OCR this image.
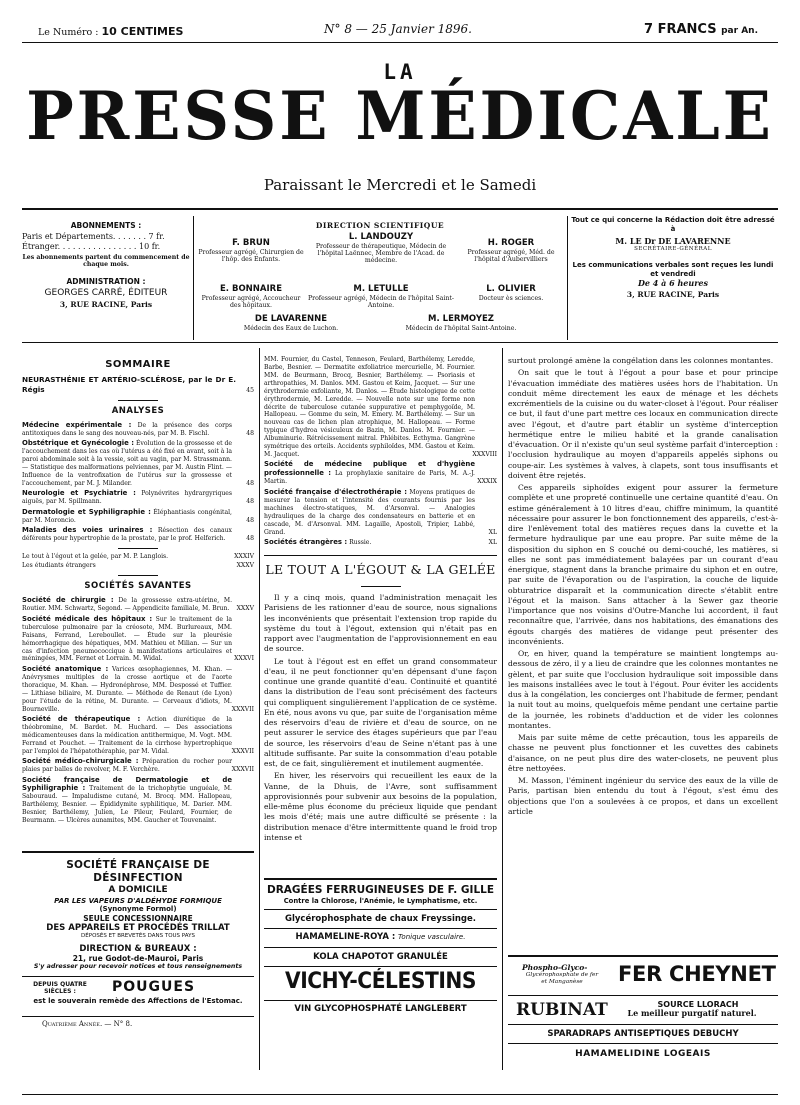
Le Numéro : 10 CENTIMES	N° 8 — 25 Janvier 1896.	7 FRANCS par An.
LA
PRESSE MÉDICALE
Paraissant le Mercredi et le Samedi
ABONNEMENTS :
Paris et Départements. . . . . . . 7 fr.
Étranger. . . . . . . . . . . . . . . . 10 fr.
Les abonnements partent du commencement de chaque mois.
ADMINISTRATION :
GEORGES CARRÉ, ÉDITEUR
3, RUE RACINE, Paris
DIRECTION SCIENTIFIQUE
F. BRUN
Professeur agrégé, Chirurgien de l'hôp. des Enfants.
L. LANDOUZY
Professeur de thérapeutique, Médecin de l'hôpital Laënnec, Membre de l'Acad. de médecine.
H. ROGER
Professeur agrégé, Méd. de l'hôpital d'Aubervilliers
E. BONNAIRE
Professeur agrégé, Accoucheur des hôpitaux.
M. LETULLE
Professeur agrégé, Médecin de l'hôpital Saint-Antoine.
L. OLIVIER
Docteur ès sciences.
DE LAVARENNE
Médecin des Eaux de Luchon.
M. LERMOYEZ
Médecin de l'hôpital Saint-Antoine.
Tout ce qui concerne la Rédaction doit être adressé à
M. LE Dr DE LAVARENNE
SECRÉTAIRE-GÉNÉRAL
Les communications verbales sont reçues les lundi et vendredi
De 4 à 6 heures
3, RUE RACINE, Paris
SOMMAIRE
NEURASTHÉNIE ET ARTÉRIO-SCLÉROSE, par le Dr E. Régis	45
ANALYSES
Médecine expérimentale : De la présence des corps antitoxiques dans le sang des nouveau-nés, par M. B. Fischl.	48
Obstétrique et Gynécologie : Évolution de la grossesse et de l'accouchement dans les cas où l'utérus a été fixé en avant, soit à la paroi abdominale soit à la vessie, soit au vagin, par M. Strassmann. — Statistique des malformations pelviennes, par M. Austin Flint. — Influence de la ventrofixation de l'utérus sur la grossesse et l'accouchement, par M. J. Milander.	48
Neurologie et Psychiatrie : Polynévrites hydrargyriques aiguës, par M. Spillmann.	48
Dermatologie et Syphiligraphie : Éléphantiasis congénital, par M. Moroncio.	48
Maladies des voies urinaires : Résection des canaux déférents pour hypertrophie de la prostate, par le prof. Helferich.	48
Le tout à l'égout et la gelée, par M. P. Langlois.	XXXIV
Les étudiants étrangers	XXXV
SOCIÉTÉS SAVANTES
Société de chirurgie : De la grossesse extra-utérine, M. Routier. MM. Schwartz, Segond. — Appendicite familiale, M. Brun. XXXV
Société médicale des hôpitaux : Sur le traitement de la tuberculose pulmonaire par la créosote, MM. Burlureaux, MM. Faisans, Ferrand, Lereboullet. — Étude sur la pleurésie hémorrhagique des hépatiques, MM. Mathieu et Milian. — Sur un cas d'infection pneumococcique à manifestations articulaires et méningées, MM. Fernet et Lorrain. M. Widal.	XXXVI
Société anatomique : Varices œsophagiennes, M. Khan. — Anévrysmes multiples de la crosse aortique et de l'aorte thoracique, M. Khan. — Hydronéphrose, MM. Despossé et Tuffier. — Lithiase biliaire, M. Durante. — Méthode de Renaut (de Lyon) pour l'étude de la rétine, M. Durante. — Cerveaux d'idiots, M. Bourneville.	XXXVII
Société de thérapeutique : Action diurétique de la théobromine, M. Bardet. M. Huchard. — Des associations médicamenteuses dans la médication antithermique, M. Vogt. MM. Ferrand et Pouchet. — Traitement de la cirrhose hypertrophique par l'emploi de l'hépatothéraphie, par M. Vidal.	XXXVII
Société médico-chirurgicale : Préparation du rocher pour plaies par balles de revolver, M. F. Verchère.	XXXVII
Société française de Dermatologie et de Syphiligraphie : Traitement de la trichophytie unguéale, M. Sabouraud. — Impaludisme cutané, M. Brocq. MM. Hallopeau, Barthélemy, Besnier. — Épididymite syphilitique, M. Darier. MM. Besnier, Barthélemy, Julien, Le Pileur, Feulard, Fournier, de Beurmann. — Ulcères aunamites, MM. Gaucher et Touvenaint.
SOCIÉTÉ FRANÇAISE DE DÉSINFECTION
A DOMICILE
PAR LES VAPEURS D'ALDÉHYDE FORMIQUE
(Synonyme Formol)
SEULE CONCESSIONNAIRE
DES APPAREILS ET PROCÉDÉS TRILLAT
DÉPOSÉS ET BREVETÉS DANS TOUS PAYS
DIRECTION & BUREAUX :
21, rue Godot-de-Mauroi, Paris
S'y adresser pour recevoir notices et tous renseignements
DEPUIS QUATRE SIÈCLES :	POUGUES
est le souverain remède des Affections de l'Estomac.
Quatrième Année. — N° 8.
MM. Fournier, du Castel, Tenneson, Feulard, Barthélemy, Leredde, Barbe, Besnier. — Dermatite exfoliatrice mercurielle, M. Fournier. MM. de Beurmann, Brocq, Besnier, Barthélemy. — Psoriasis et arthropathies, M. Danlos. MM. Gastou et Keim, Jacquet. — Sur une érythrodermie exfoliante, M. Danlos. — Étude histologique de cette érythrodermie, M. Leredde. — Nouvelle note sur une forme non décrite de tuberculose cutanée suppurative et pemphygoïde, M. Hallopeau. — Gomme du sein, M. Emery. M. Barthélemy. — Sur un nouveau cas de lichen plan atrophique, M. Hallopeau. — Forme typique d'hydroa vésiculeux de Bazin, M. Danlos. M. Fournier. — Albuminurie. Rétrécissement mitral. Phlébites. Ecthyma. Gangrène symétrique des orteils. Accidents syphiloïdes, MM. Gastou et Keim. M. Jacquet.	XXXVIII
Société de médecine publique et d'hygiène professionnelle : La prophylaxie sanitaire de Paris, M. A.-J. Martin.	XXXIX
Société française d'électrothérapie : Moyens pratiques de mesurer la tension et l'intensité des courants fournis par les machines électro-statiques, M. d'Arsonval. — Analogies hydrauliques de la charge des condensateurs en batterie et en cascade, M. d'Arsonval. MM. Lagaille, Apostoli, Tripier, Labbé, Grand.	XL
Sociétés étrangères : Russie.	XL
LE TOUT A L'ÉGOUT & LA GELÉE
Il y a cinq mois, quand l'administration menaçait les Parisiens de les rationner d'eau de source, nous signalions les inconvénients que présentait l'extension trop rapide du système du tout à l'égout, extension qui n'était pas en rapport avec l'augmentation de l'approvisionnement en eau de source.
Le tout à l'égout est en effet un grand consommateur d'eau, il ne peut fonctionner qu'en dépensant d'une façon continue une grande quantité d'eau. Continuité et quantité dans la distribution de l'eau sont précisément des facteurs qui compliquent singulièrement l'application de ce système. En été, nous avons vu que, par suite de l'organisation même des réservoirs d'eau de rivière et d'eau de source, on ne peut assurer le service des étages supérieurs que par l'eau de source, les réservoirs d'eau de Seine n'étant pas à une altitude suffisante. Par suite la consommation d'eau potable est, de ce fait, singulièrement et inutilement augmentée.
En hiver, les réservoirs qui recueillent les eaux de la Vanne, de la Dhuis, de l'Avre, sont suffisamment approvisionnés pour subvenir aux besoins de la population, elle-même plus économe du précieux liquide que pendant les mois d'été; mais une autre difficulté se présente : la distribution menace d'être intermittente quand le froid trop intense et
DRAGÉES FERRUGINEUSES DE F. GILLE
Contre la Chlorose, l'Anémie, le Lymphatisme, etc.
Glycérophosphate de chaux Freyssinge.
HAMAMELINE-ROYA : Tonique vasculaire.
KOLA CHAPOTOT GRANULÉE
VICHY-CÉLESTINS
VIN GLYCOPHOSPHATÉ LANGLEBERT
surtout prolongé amène la congélation dans les colonnes montantes.
On sait que le tout à l'égout a pour base et pour principe l'évacuation immédiate des matières usées hors de l'habitation. Un conduit même directement les eaux de ménage et les déchets excrémentiels de la cuisine ou du water-closet à l'égout. Pour réaliser ce but, il faut d'une part mettre ces locaux en communication directe avec l'égout, et d'autre part établir un système d'interception hermétique entre le milieu habité et la grande canalisation d'évacuation. Or il n'existe qu'un seul système parfait d'interception : l'occlusion hydraulique au moyen d'appareils appelés siphons ou coupe-air. Les systèmes à valves, à clapets, sont tous insuffisants et doivent être rejetés.
Ces appareils siphoïdes exigent pour assurer la fermeture complète et une propreté continuelle une certaine quantité d'eau. On estime généralement à 10 litres d'eau, chiffre minimum, la quantité nécessaire pour assurer le bon fonctionnement des appareils, c'est-à-dire l'enlèvement total des matières reçues dans la cuvette et la fermeture hydraulique par une eau propre. Par suite même de la disposition du siphon en S couché ou demi-couché, les matières, si elles ne sont pas immédiatement balayées par un courant d'eau énergique, stagnent dans la branche primaire du siphon et en outre, par suite de l'évaporation ou de l'aspiration, la couche de liquide obturatrice disparaît et la communication directe s'établit entre l'égout et la maison. Sans attacher à la Sewer gaz theorie l'importance que nos voisins d'Outre-Manche lui accordent, il faut reconnaître que, l'arrivée, dans nos habitations, des émanations des égouts chargés des matières de vidange peut présenter des inconvénients.
Or, en hiver, quand la température se maintient longtemps au-dessous de zéro, il y a lieu de craindre que les colonnes montantes ne gèlent, et par suite que l'occlusion hydraulique soit impossible dans les maisons installées avec le tout à l'égout. Pour éviter les accidents dus à la congélation, les concierges ont l'habitude de fermer, pendant la nuit tout au moins, quelquefois même pendant une certaine partie de la journée, les robinets d'adduction et de vider les colonnes montantes.
Mais par suite même de cette précaution, tous les appareils de chasse ne peuvent plus fonctionner et les cuvettes des cabinets d'aisance, on ne peut plus dire des water-closets, ne peuvent plus être nettoyées.
M. Masson, l'éminent ingénieur du service des eaux de la ville de Paris, partisan bien entendu du tout à l'égout, s'est ému des objections que l'on a soulevées à ce propos, et dans un excellent article
Phospho-Glyco-
Glycérophosphate de fer et Manganèse	FER CHEYNET
RUBINAT	SOURCE LLORACH
Le meilleur purgatif naturel.
SPARADRAPS ANTISEPTIQUES DEBUCHY
HAMAMELIDINE LOGEAIS
